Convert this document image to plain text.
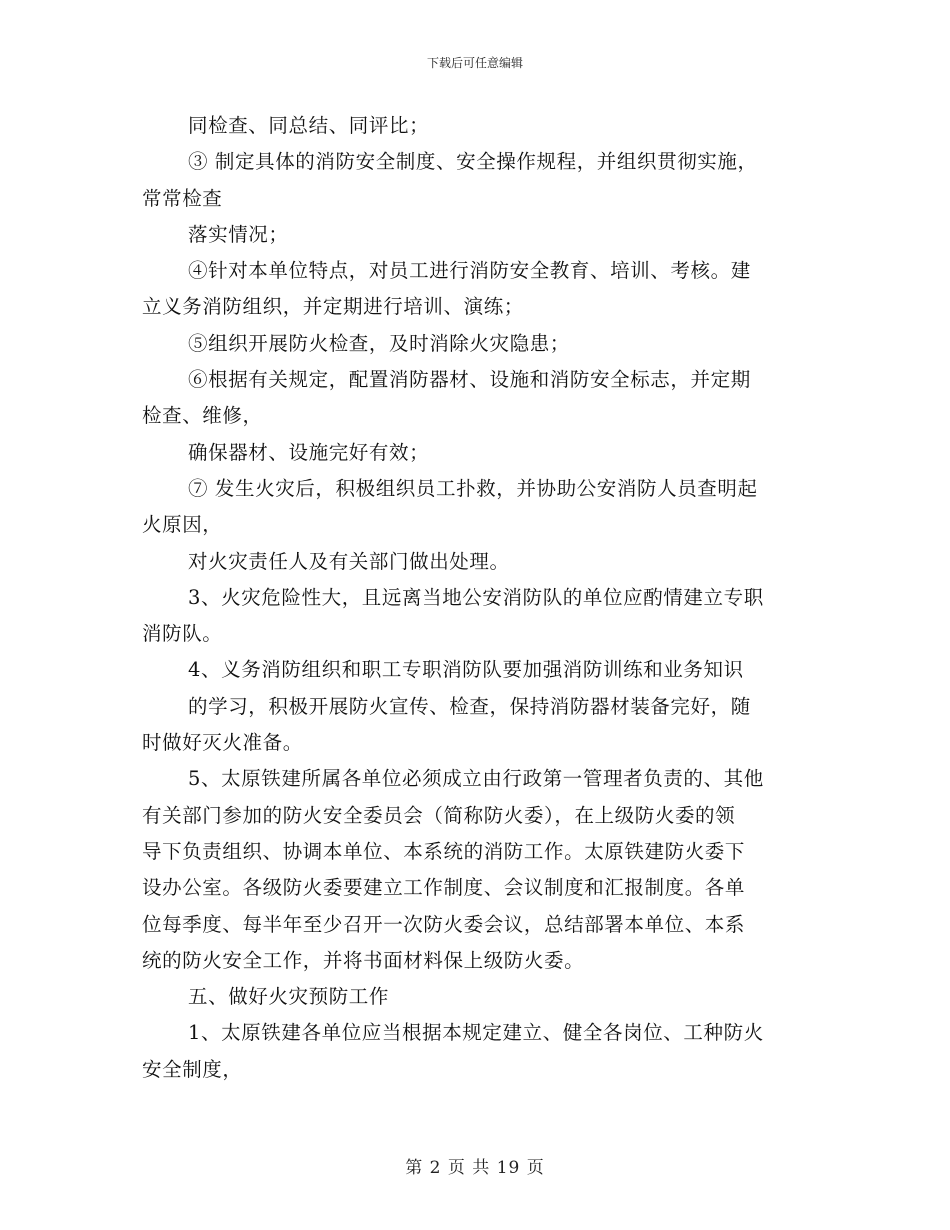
下载后可任意编辑
同检查、同总结、同评比；
③ 制定具体的消防安全制度、安全操作规程，并组织贯彻实施，
常常检查
落实情况；
④针对本单位特点，对员工进行消防安全教育、培训、考核。建
立义务消防组织，并定期进行培训、演练；
⑤组织开展防火检查，及时消除火灾隐患；
⑥根据有关规定，配置消防器材、设施和消防安全标志，并定期
检查、维修，
确保器材、设施完好有效；
⑦ 发生火灾后，积极组织员工扑救，并协助公安消防人员查明起
火原因，
对火灾责任人及有关部门做出处理。
3、火灾危险性大，且远离当地公安消防队的单位应酌情建立专职
消防队。
4、义务消防组织和职工专职消防队要加强消防训练和业务知识
的学习，积极开展防火宣传、检查，保持消防器材装备完好，随
时做好灭火准备。
5、太原铁建所属各单位必须成立由行政第一管理者负责的、其他
有关部门参加的防火安全委员会（简称防火委），在上级防火委的领
导下负责组织、协调本单位、本系统的消防工作。太原铁建防火委下
设办公室。各级防火委要建立工作制度、会议制度和汇报制度。各单
位每季度、每半年至少召开一次防火委会议，总结部署本单位、本系
统的防火安全工作，并将书面材料保上级防火委。
五、做好火灾预防工作
1、太原铁建各单位应当根据本规定建立、健全各岗位、工种防火
安全制度，
第 2 页 共 19 页
